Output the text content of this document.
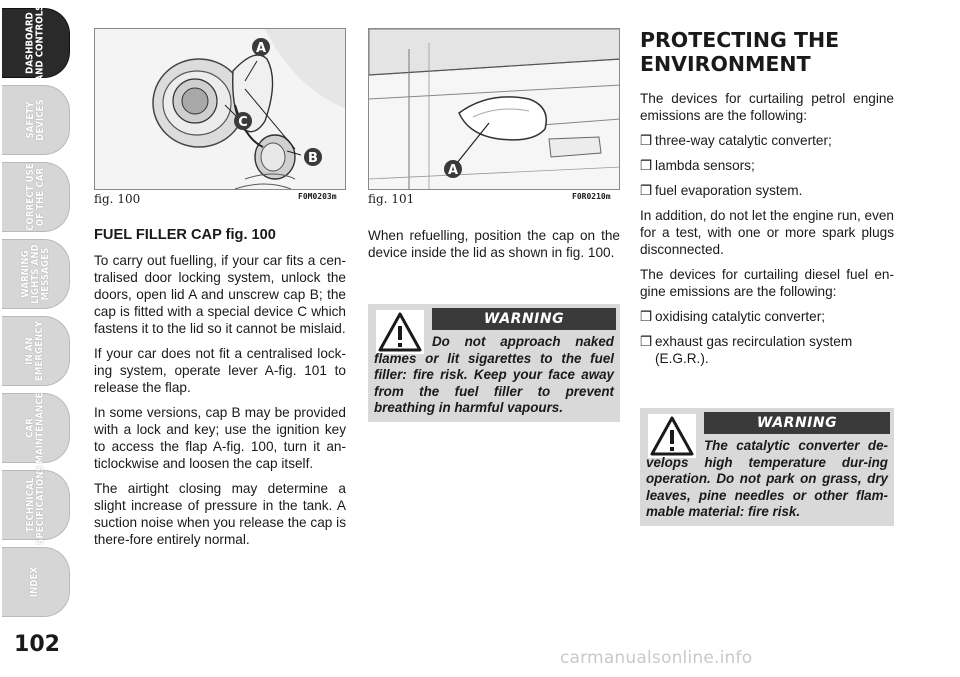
DASHBOARD
AND CONTROLS
SAFETY
DEVICES
CORRECT USE
OF THE CAR
WARNING
LIGHTS AND
MESSAGES
IN AN
EMERGENCY
CAR
MAINTENANCE
TECHNICAL
SPECIFICATIONS
INDEX
102
A
C
B
fig. 100	F0M0203m
A
fig. 101	F0R0210m
FUEL FILLER CAP fig. 100

To carry out fuelling, if your car fits a cen-tralised door locking system, unlock the doors, open lid A and unscrew cap B; the cap is fitted with a special device C which fastens it to the lid so it cannot be mislaid.

If your car does not fit a centralised lock-ing system, operate lever A-fig. 101 to release the flap.

In some versions, cap B may be provided with a lock and key; use the ignition key to access the flap A-fig. 100, turn it an-ticlockwise and loosen the cap itself.

The airtight closing may determine a slight increase of pressure in the tank. A suction noise when you release the cap is there-fore entirely normal.

When refuelling, position the cap on the device inside the lid as shown in fig. 100.

WARNING
Do not approach naked flames or lit sigarettes to the fuel filler: fire risk. Keep your face away from the fuel filler to prevent breathing in harmful vapours.
PROTECTING THE ENVIRONMENT

The devices for curtailing petrol engine emissions are the following:

❒ three-way catalytic converter;
❒ lambda sensors;
❒ fuel evaporation system.

In addition, do not let the engine run, even for a test, with one or more spark plugs disconnected.

The devices for curtailing diesel fuel en-gine emissions are the following:

❒ oxidising catalytic converter;
❒ exhaust gas recirculation system (E.G.R.).
WARNING
The catalytic converter de-velops high temperature dur-ing operation. Do not park on grass, dry leaves, pine needles or other flam-mable material: fire risk.
carmanualsonline.info
